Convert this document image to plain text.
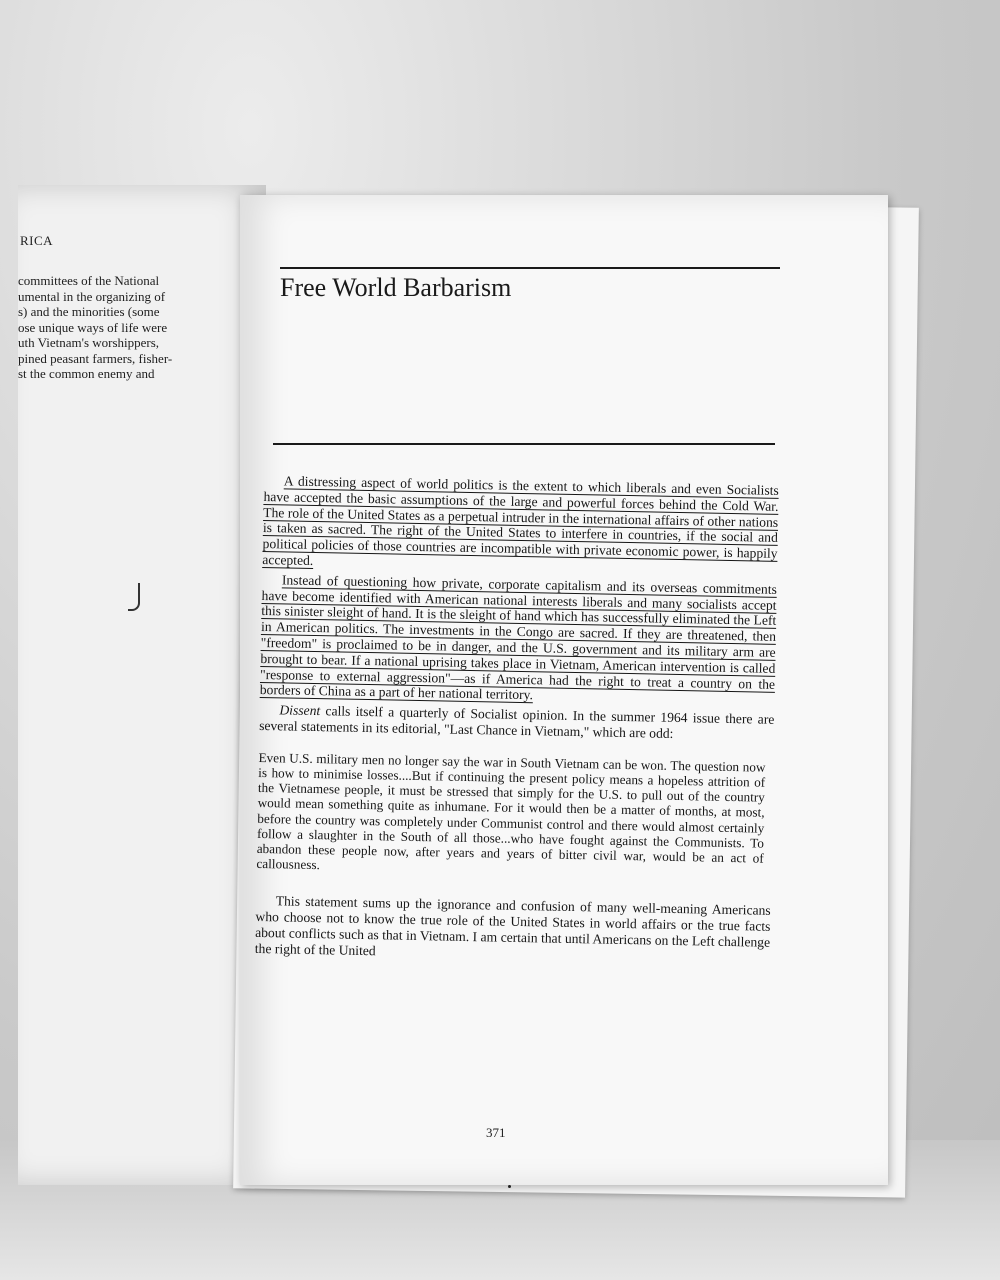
RICA
committees of the National
umental in the organizing of
s) and the minorities (some
ose unique ways of life were
uth Vietnam's worshippers,
pined peasant farmers, fisher-
st the common enemy and
Free World Barbarism

A distressing aspect of world politics is the extent to which liberals and even Socialists have accepted the basic assumptions of the large and powerful forces behind the Cold War. The role of the United States as a perpetual intruder in the international affairs of other nations is taken as sacred. The right of the United States to interfere in countries, if the social and political policies of those countries are incompatible with private economic power, is happily accepted.

Instead of questioning how private, corporate capitalism and its overseas commitments have become identified with American national interests liberals and many socialists accept this sinister sleight of hand. It is the sleight of hand which has successfully eliminated the Left in American politics. The investments in the Congo are sacred. If they are threatened, then "freedom" is proclaimed to be in danger, and the U.S. government and its military arm are brought to bear. If a national uprising takes place in Vietnam, American intervention is called "response to external aggression"—as if America had the right to treat a country on the borders of China as a part of her national territory.

Dissent calls itself a quarterly of Socialist opinion. In the summer 1964 issue there are several statements in its editorial, "Last Chance in Vietnam," which are odd:

Even U.S. military men no longer say the war in South Vietnam can be won. The question now is how to minimise losses....But if continuing the present policy means a hopeless attrition of the Vietnamese people, it must be stressed that simply for the U.S. to pull out of the country would mean something quite as inhumane. For it would then be a matter of months, at most, before the country was completely under Communist control and there would almost certainly follow a slaughter in the South of all those...who have fought against the Communists. To abandon these people now, after years and years of bitter civil war, would be an act of callousness.

This statement sums up the ignorance and confusion of many well-meaning Americans who choose not to know the true role of the United States in world affairs or the true facts about conflicts such as that in Vietnam. I am certain that until Americans on the Left challenge the right of the United

371
